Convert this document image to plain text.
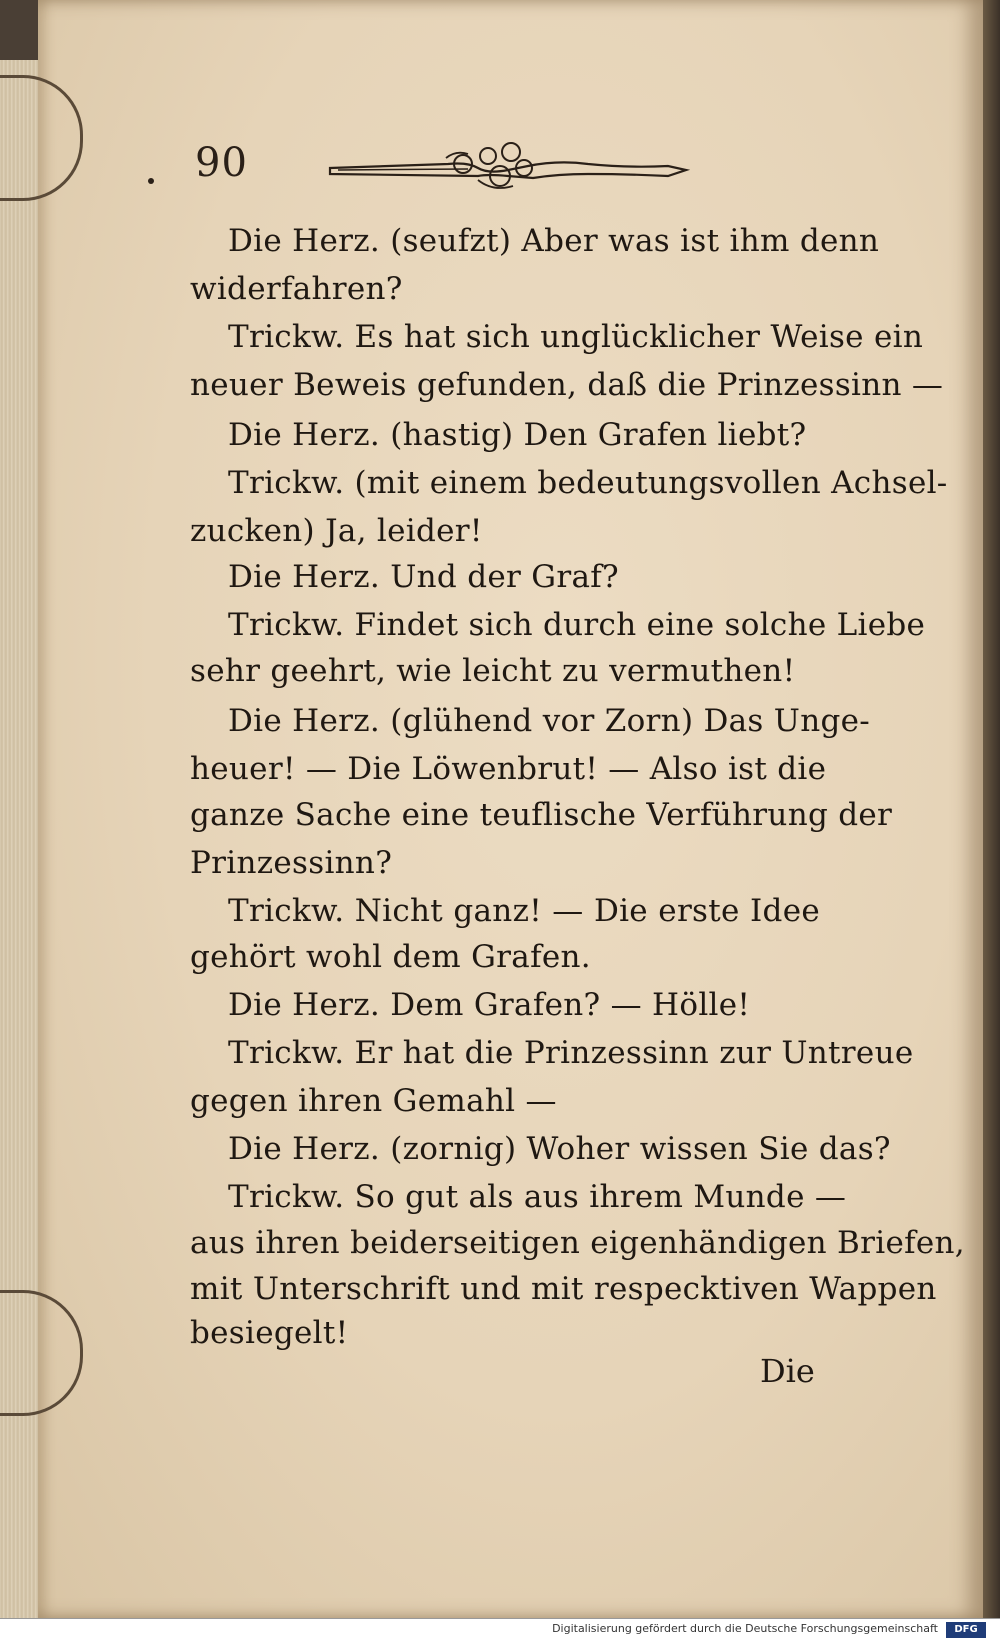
90
Die Herz. (seufzt) Aber was ist ihm denn
widerfahren?
Trickw. Es hat sich unglücklicher Weise ein
neuer Beweis gefunden, daß die Prinzessinn —
Die Herz. (hastig) Den Grafen liebt?
Trickw. (mit einem bedeutungsvollen Achsel-
zucken) Ja, leider!
Die Herz. Und der Graf?
Trickw. Findet sich durch eine solche Liebe
sehr geehrt, wie leicht zu vermuthen!
Die Herz. (glühend vor Zorn) Das Unge-
heuer! — Die Löwenbrut! — Also ist die
ganze Sache eine teuflische Verführung der
Prinzessinn?
Trickw. Nicht ganz! — Die erste Idee
gehört wohl dem Grafen.
Die Herz. Dem Grafen? — Hölle!
Trickw. Er hat die Prinzessinn zur Untreue
gegen ihren Gemahl —
Die Herz. (zornig) Woher wissen Sie das?
Trickw. So gut als aus ihrem Munde —
aus ihren beiderseitigen eigenhändigen Briefen,
mit Unterschrift und mit respecktiven Wappen
besiegelt!
Die
Digitalisierung gefördert durch die Deutsche Forschungsgemeinschaft	DFG
